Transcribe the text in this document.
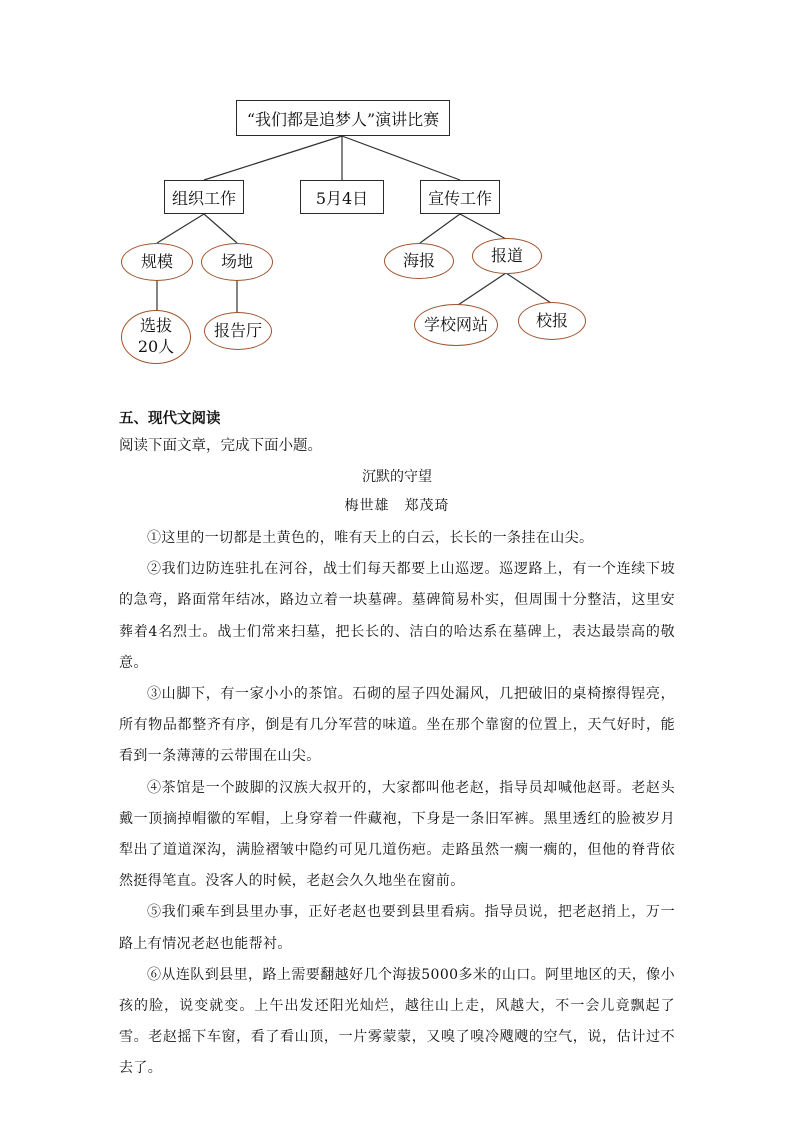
“我们都是追梦人”演讲比赛
组织工作	5月4日	宣传工作
规模	场地
选拔
20人
报告厅
海报	报道
学校网站	校报
五、现代文阅读
阅读下面文章，完成下面小题。
沉默的守望
梅世雄　郑茂琦

①这里的一切都是土黄色的，唯有天上的白云，长长的一条挂在山尖。

②我们边防连驻扎在河谷，战士们每天都要上山巡逻。巡逻路上，有一个连续下坡的急弯，路面常年结冰，路边立着一块墓碑。墓碑简易朴实，但周围十分整洁，这里安葬着4名烈士。战士们常来扫墓，把长长的、洁白的哈达系在墓碑上，表达最崇高的敬意。

③山脚下，有一家小小的茶馆。石砌的屋子四处漏风，几把破旧的桌椅擦得锃亮，所有物品都整齐有序，倒是有几分军营的味道。坐在那个靠窗的位置上，天气好时，能看到一条薄薄的云带围在山尖。

④茶馆是一个跛脚的汉族大叔开的，大家都叫他老赵，指导员却喊他赵哥。老赵头戴一顶摘掉帽徽的军帽，上身穿着一件藏袍，下身是一条旧军裤。黑里透红的脸被岁月犁出了道道深沟，满脸褶皱中隐约可见几道伤疤。走路虽然一瘸一瘸的，但他的脊背依然挺得笔直。没客人的时候，老赵会久久地坐在窗前。

⑤我们乘车到县里办事，正好老赵也要到县里看病。指导员说，把老赵捎上，万一路上有情况老赵也能帮衬。

⑥从连队到县里，路上需要翻越好几个海拔5000多米的山口。阿里地区的天，像小孩的脸，说变就变。上午出发还阳光灿烂，越往山上走，风越大，不一会儿竟飘起了雪。老赵摇下车窗，看了看山顶，一片雾蒙蒙，又嗅了嗅冷飕飕的空气，说，估计过不去了。
